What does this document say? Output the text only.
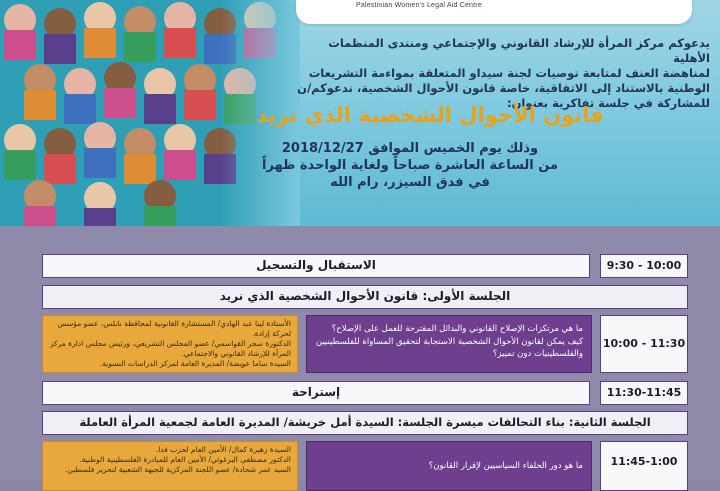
Palestinian Women's Legal Aid Centre
يدعوكم مركز المرأة للإرشاد القانوني والإجتماعي ومنتدى المنظمات الأهلية
لمناهضة العنف لمتابعة توصيات لجنة سيداو المتعلقة بمواءمة التشريعات
الوطنية بالاستناد إلى الاتفاقية، خاصة قانون الأحوال الشخصية، ندعوكم/ن
للمشاركة في جلسة تفاكرية بعنوان:
قانون الأحوال الشخصية الذي نريد
وذلك يوم الخميس الموافق 2018/12/27
من الساعة العاشرة صباحاً ولغاية الواحدة ظهراً
في فدق السيزر، رام الله
9:30 - 10:00
الاستقبال والتسجيل
الجلسة الأولى: قانون الأحوال الشخصية الذي نريد
10:00 - 11:30
ما هي مرتكزات الإصلاح القانوني والبدائل المقترحة للعمل على الإصلاح؟
كيف يمكن لقانون الأحوال الشخصية الاستجابة لتحقيق المساواة للفلسطينيين والفلسطينيات دون تمييز؟
الأستاذة لينا عبد الهادي/ المستشارة القانونية لمحافظة نابلس، عضو مؤسس لحركة إرادة.
الدكتورة سحر القواسمي/ عضو المجلس التشريعي، ورئيس مجلس ادارة مركز المرأة للإرشاد القانوني والاجتماعي.
السيدة ساما عويضة/ المديرة العامة لمركز الدراسات النسوية.
11:30-11:45
إستراحة
الجلسة الثانية: بناء التحالفات ميسرة الجلسة: السيدة أمل خريشة/ المديرة العامة لجمعية المرأة العاملة
11:45-1:00
ما هو دور الحلفاء السياسيين لإقرار القانون؟
السيدة زهيرة كمال/ الأمين العام لحزب فدا.
الدكتور مصطفى البرغوثي/ الأمين العام للمبادرة الفلسطينية الوطنية.
السيد عمر شحادة/ عضو اللجنة المركزية للجبهة الشعبية لتحرير فلسطين.
